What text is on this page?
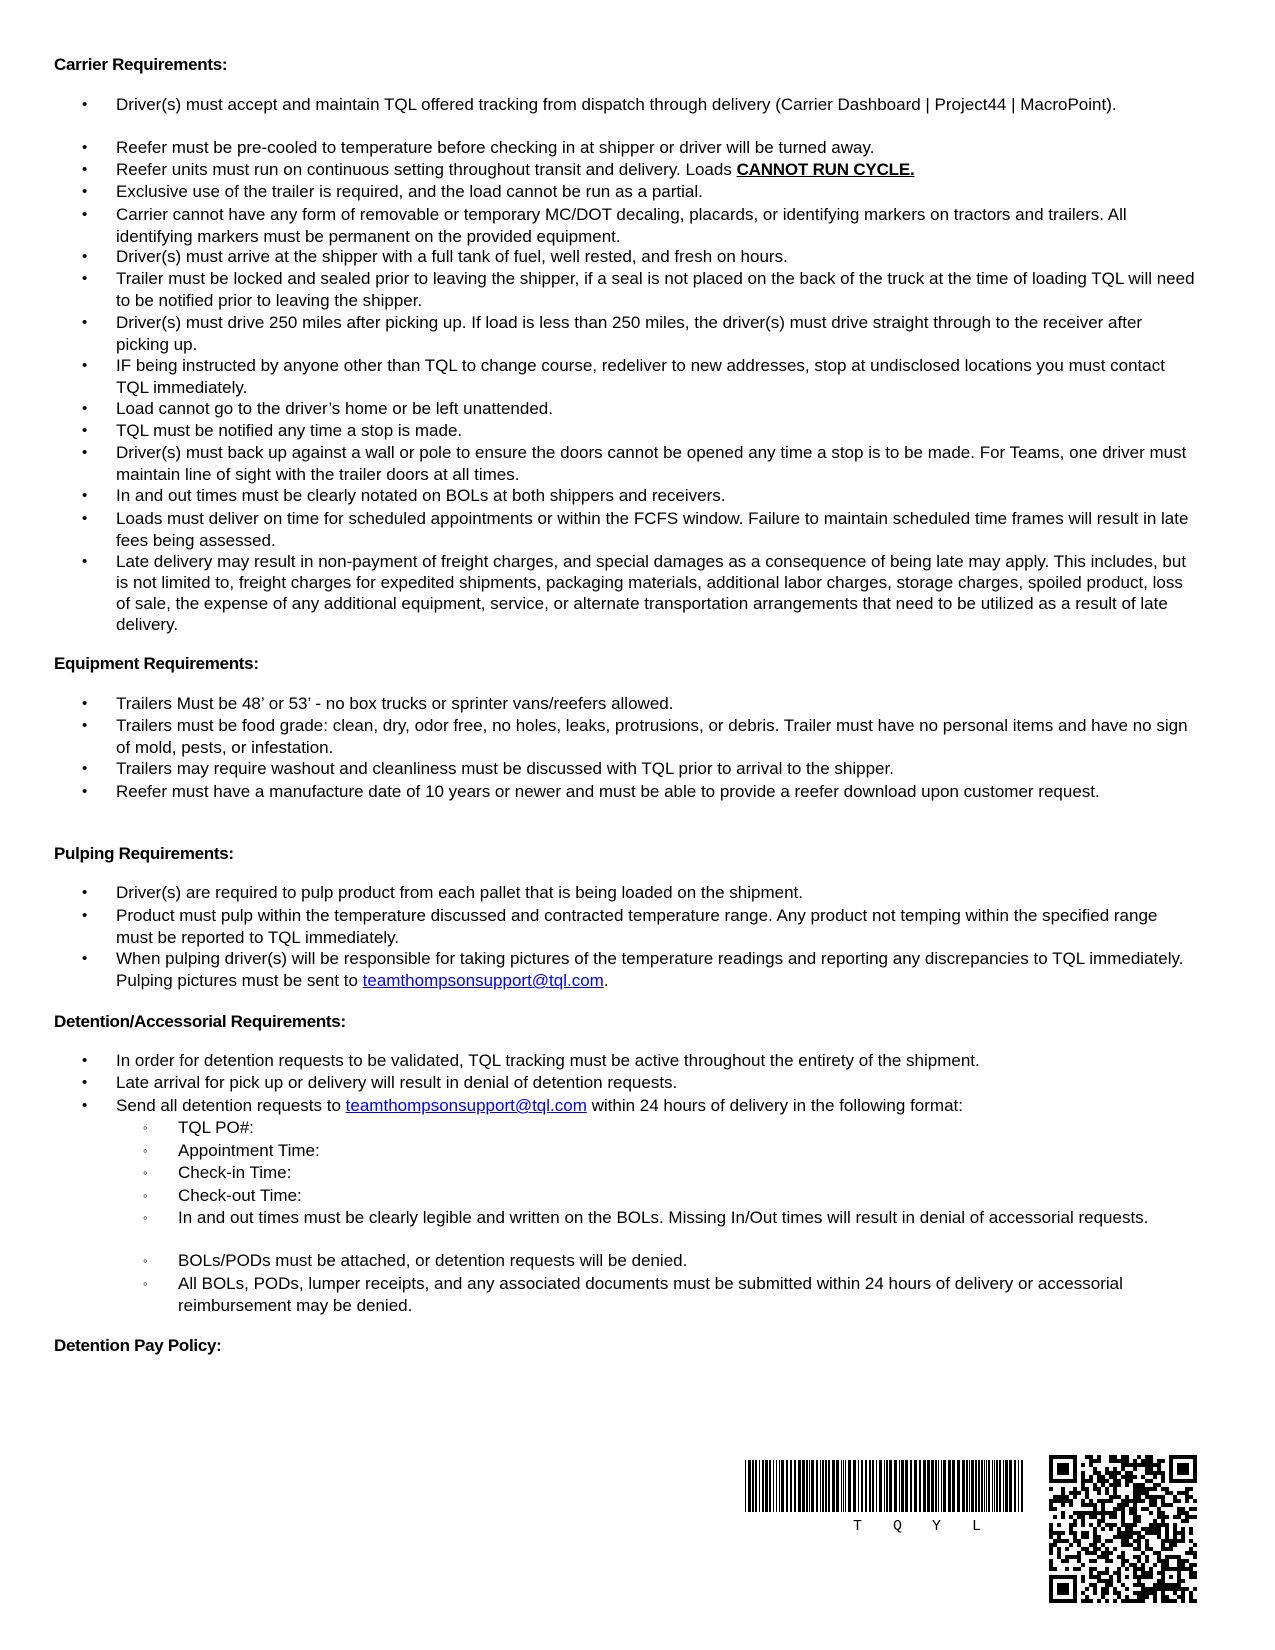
Carrier Requirements:
• Driver(s) must accept and maintain TQL offered tracking from dispatch through delivery (Carrier Dashboard | Project44 | MacroPoint).
• Reefer must be pre-cooled to temperature before checking in at shipper or driver will be turned away.
• Reefer units must run on continuous setting throughout transit and delivery. Loads CANNOT RUN CYCLE.
• Exclusive use of the trailer is required, and the load cannot be run as a partial.
• Carrier cannot have any form of removable or temporary MC/DOT decaling, placards, or identifying markers on tractors and trailers. All identifying markers must be permanent on the provided equipment.
• Driver(s) must arrive at the shipper with a full tank of fuel, well rested, and fresh on hours.
• Trailer must be locked and sealed prior to leaving the shipper, if a seal is not placed on the back of the truck at the time of loading TQL will need to be notified prior to leaving the shipper.
• Driver(s) must drive 250 miles after picking up. If load is less than 250 miles, the driver(s) must drive straight through to the receiver after picking up.
• IF being instructed by anyone other than TQL to change course, redeliver to new addresses, stop at undisclosed locations you must contact TQL immediately.
• Load cannot go to the driver’s home or be left unattended.
• TQL must be notified any time a stop is made.
• Driver(s) must back up against a wall or pole to ensure the doors cannot be opened any time a stop is to be made. For Teams, one driver must maintain line of sight with the trailer doors at all times.
• In and out times must be clearly notated on BOLs at both shippers and receivers.
• Loads must deliver on time for scheduled appointments or within the FCFS window. Failure to maintain scheduled time frames will result in late fees being assessed.
• Late delivery may result in non-payment of freight charges, and special damages as a consequence of being late may apply. This includes, but is not limited to, freight charges for expedited shipments, packaging materials, additional labor charges, storage charges, spoiled product, loss of sale, the expense of any additional equipment, service, or alternate transportation arrangements that need to be utilized as a result of late delivery.
Equipment Requirements:
• Trailers Must be 48’ or 53’ - no box trucks or sprinter vans/reefers allowed.
• Trailers must be food grade: clean, dry, odor free, no holes, leaks, protrusions, or debris. Trailer must have no personal items and have no sign of mold, pests, or infestation.
• Trailers may require washout and cleanliness must be discussed with TQL prior to arrival to the shipper.
• Reefer must have a manufacture date of 10 years or newer and must be able to provide a reefer download upon customer request.
Pulping Requirements:
• Driver(s) are required to pulp product from each pallet that is being loaded on the shipment.
• Product must pulp within the temperature discussed and contracted temperature range. Any product not temping within the specified range must be reported to TQL immediately.
• When pulping driver(s) will be responsible for taking pictures of the temperature readings and reporting any discrepancies to TQL immediately. Pulping pictures must be sent to teamthompsonsupport@tql.com.
Detention/Accessorial Requirements:
• In order for detention requests to be validated, TQL tracking must be active throughout the entirety of the shipment.
• Late arrival for pick up or delivery will result in denial of detention requests.
• Send all detention requests to teamthompsonsupport@tql.com within 24 hours of delivery in the following format:
◦ TQL PO#:
◦ Appointment Time:
◦ Check-in Time:
◦ Check-out Time:
◦ In and out times must be clearly legible and written on the BOLs. Missing In/Out times will result in denial of accessorial requests.
◦ BOLs/PODs must be attached, or detention requests will be denied.
◦ All BOLs, PODs, lumper receipts, and any associated documents must be submitted within 24 hours of delivery or accessorial reimbursement may be denied.
Detention Pay Policy:
T Q Y L
